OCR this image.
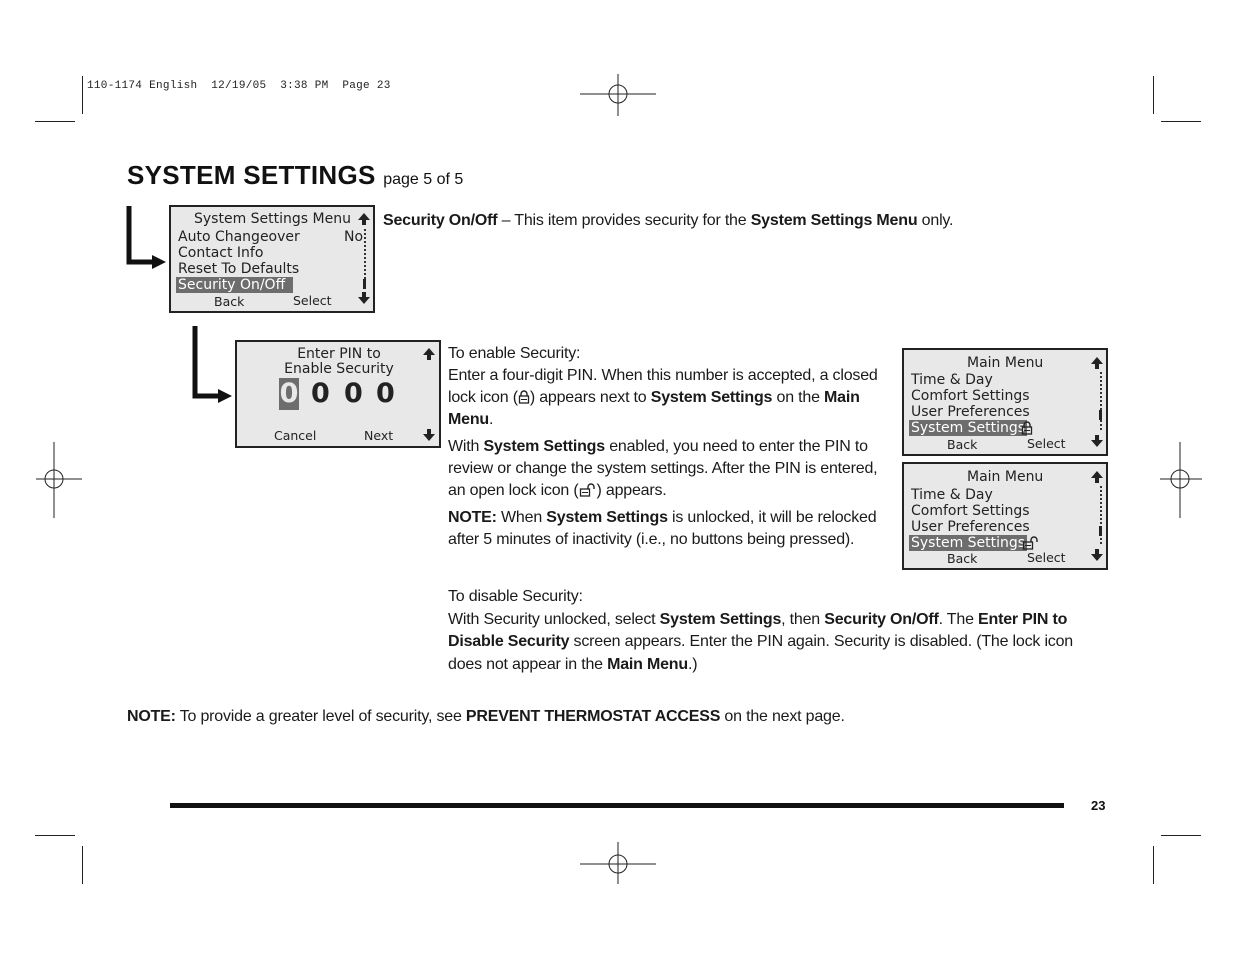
110-1174 English  12/19/05  3:38 PM  Page 23
SYSTEM SETTINGS page 5 of 5
System Settings Menu
Auto Changeover	No
Contact Info
Reset To Defaults
Security On/Off
Back	Select
Enter PIN to
Enable Security
0 0 0 0
Cancel	Next
Main Menu
Time & Day
Comfort Settings
User Preferences
System Settings
Back	Select
Main Menu
Time & Day
Comfort Settings
User Preferences
System Settings
Back	Select
Security On/Off – This item provides security for the System Settings Menu only.
To enable Security:
Enter a four-digit PIN. When this number is accepted, a closed lock icon ( ) appears next to System Settings on the Main Menu.
With System Settings enabled, you need to enter the PIN to review or change the system settings. After the PIN is entered, an open lock icon ( ) appears.
NOTE: When System Settings is unlocked, it will be relocked after 5 minutes of inactivity (i.e., no buttons being pressed).
To disable Security:
With Security unlocked, select System Settings, then Security On/Off. The Enter PIN to Disable Security screen appears. Enter the PIN again. Security is disabled. (The lock icon does not appear in the Main Menu.)
NOTE: To provide a greater level of security, see PREVENT THERMOSTAT ACCESS on the next page.
23
